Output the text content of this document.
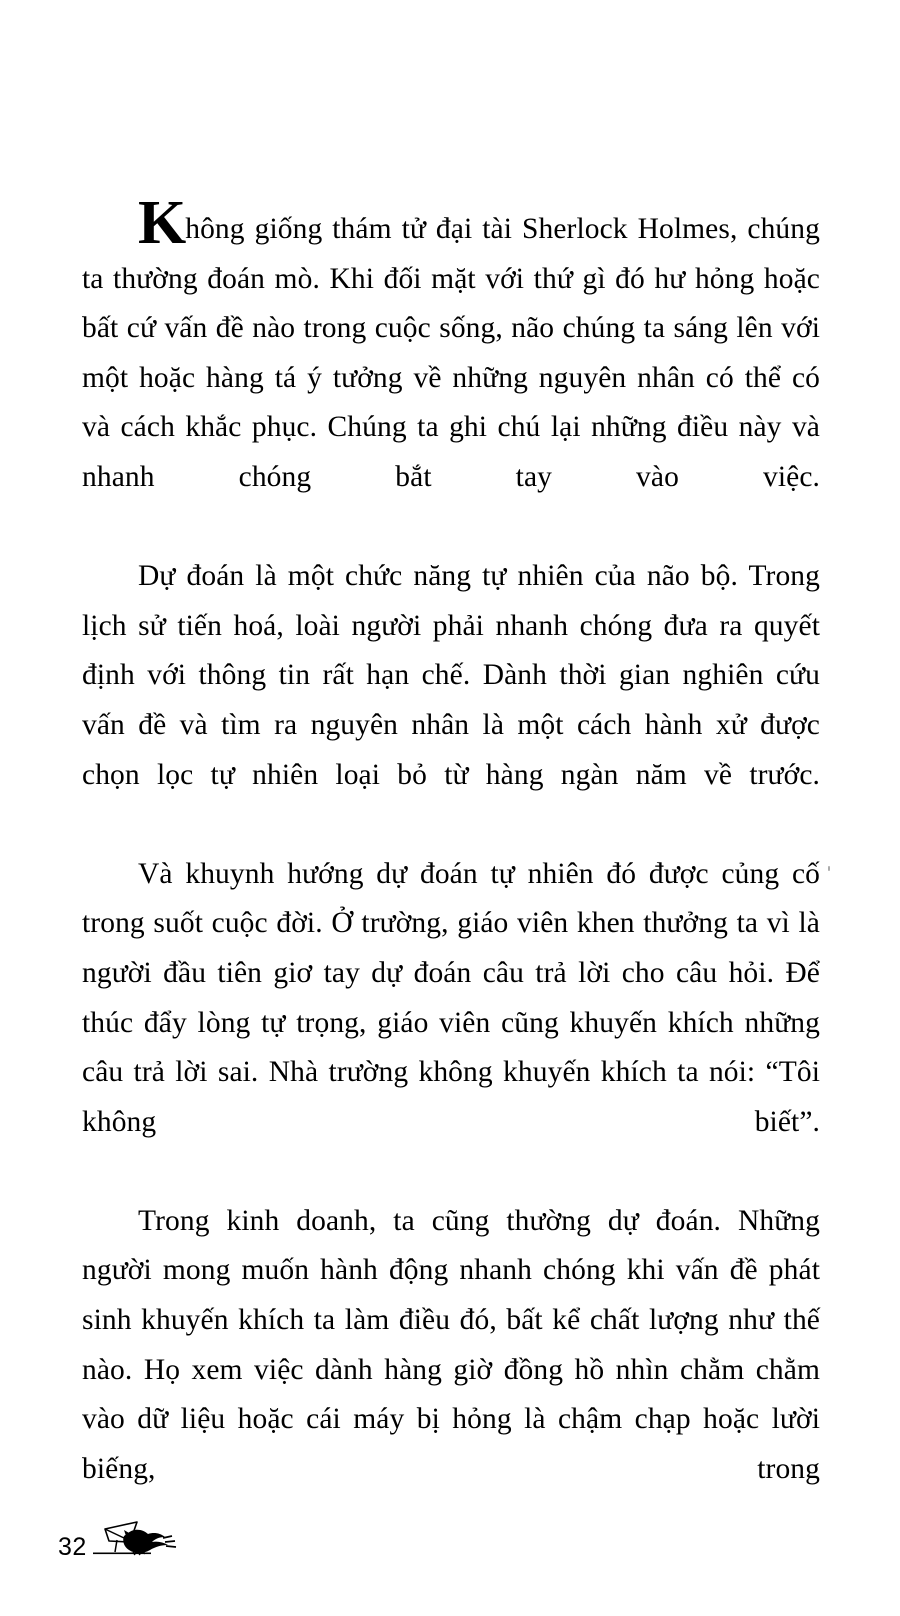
Không giống thám tử đại tài Sherlock Holmes, chúng ta thường đoán mò. Khi đối mặt với thứ gì đó hư hỏng hoặc bất cứ vấn đề nào trong cuộc sống, não chúng ta sáng lên với một hoặc hàng tá ý tưởng về những nguyên nhân có thể có và cách khắc phục. Chúng ta ghi chú lại những điều này và nhanh chóng bắt tay vào việc.

Dự đoán là một chức năng tự nhiên của não bộ. Trong lịch sử tiến hoá, loài người phải nhanh chóng đưa ra quyết định với thông tin rất hạn chế. Dành thời gian nghiên cứu vấn đề và tìm ra nguyên nhân là một cách hành xử được chọn lọc tự nhiên loại bỏ từ hàng ngàn năm về trước.

Và khuynh hướng dự đoán tự nhiên đó được củng cố trong suốt cuộc đời. Ở trường, giáo viên khen thưởng ta vì là người đầu tiên giơ tay dự đoán câu trả lời cho câu hỏi. Để thúc đẩy lòng tự trọng, giáo viên cũng khuyến khích những câu trả lời sai. Nhà trường không khuyến khích ta nói: “Tôi không biết”.

Trong kinh doanh, ta cũng thường dự đoán. Những người mong muốn hành động nhanh chóng khi vấn đề phát sinh khuyến khích ta làm điều đó, bất kể chất lượng như thế nào. Họ xem việc dành hàng giờ đồng hồ nhìn chằm chằm vào dữ liệu hoặc cái máy bị hỏng là chậm chạp hoặc lười biếng, trong

32
